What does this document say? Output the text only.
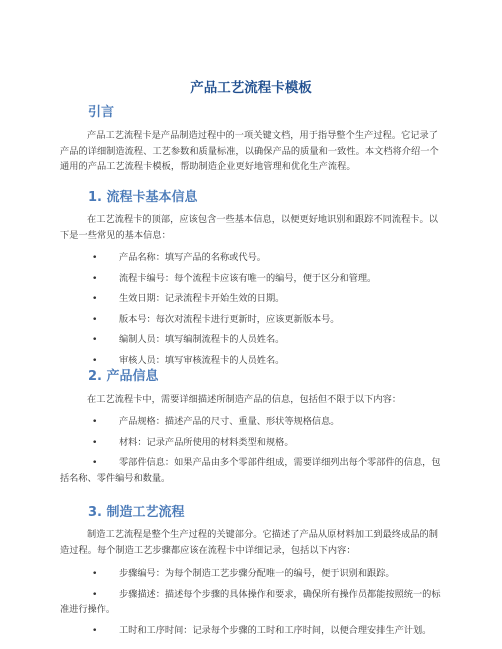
产品工艺流程卡模板
引言

产品工艺流程卡是产品制造过程中的一项关键文档，用于指导整个生产过程。它记录了产品的详细制造流程、工艺参数和质量标准，以确保产品的质量和一致性。本文档将介绍一个通用的产品工艺流程卡模板，帮助制造企业更好地管理和优化生产流程。

1. 流程卡基本信息

在工艺流程卡的顶部，应该包含一些基本信息，以便更好地识别和跟踪不同流程卡。以下是一些常见的基本信息：

• 产品名称：填写产品的名称或代号。
• 流程卡编号：每个流程卡应该有唯一的编号，便于区分和管理。
• 生效日期：记录流程卡开始生效的日期。
• 版本号：每次对流程卡进行更新时，应该更新版本号。
• 编制人员：填写编制流程卡的人员姓名。
• 审核人员：填写审核流程卡的人员姓名。
2. 产品信息

在工艺流程卡中，需要详细描述所制造产品的信息，包括但不限于以下内容：

• 产品规格：描述产品的尺寸、重量、形状等规格信息。
• 材料：记录产品所使用的材料类型和规格。
• 零部件信息：如果产品由多个零部件组成，需要详细列出每个零部件的信息，包括名称、零件编号和数量。
3. 制造工艺流程

制造工艺流程是整个生产过程的关键部分。它描述了产品从原材料加工到最终成品的制造过程。每个制造工艺步骤都应该在流程卡中详细记录，包括以下内容：

• 步骤编号：为每个制造工艺步骤分配唯一的编号，便于识别和跟踪。
• 步骤描述：描述每个步骤的具体操作和要求，确保所有操作员都能按照统一的标准进行操作。
• 工时和工序时间：记录每个步骤的工时和工序时间，以便合理安排生产计划。
